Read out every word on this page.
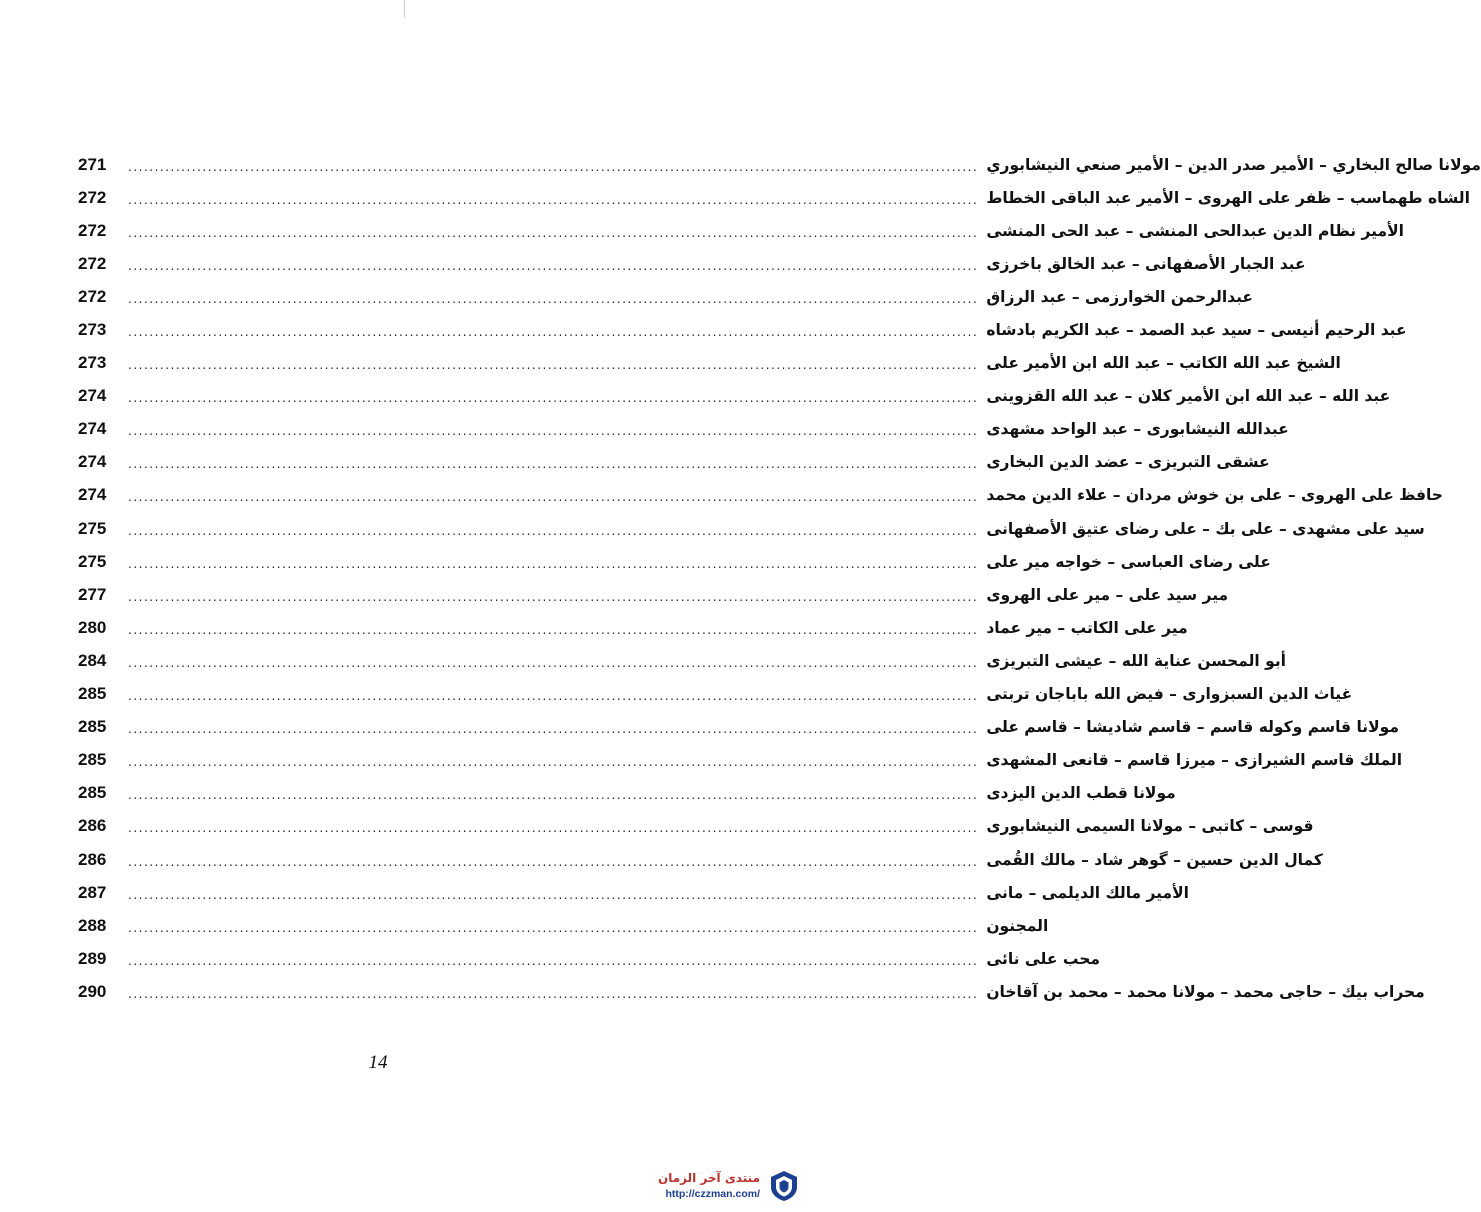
271	................................................................................................................................................................ مولانا صالح البخاري – الأمير صدر الدين – الأمير صنعي النيشابوري
272	................................................................................................................................................................ الشاه طهماسب – ظفر على الهروى – الأمير عبد الباقى الخطاط
272	................................................................................................................................................................ الأمير نظام الدين عبدالحى المنشى – عبد الحى المنشى
272	................................................................................................................................................................ عبد الجبار الأصفهانى – عبد الخالق باخرزى
272	................................................................................................................................................................ عبدالرحمن الخوارزمى – عبد الرزاق
273	................................................................................................................................................................ عبد الرحيم أنيسى – سيد عبد الصمد – عبد الكريم بادشاه
273	................................................................................................................................................................ الشيخ عبد الله الكاتب – عبد الله ابن الأمير على
274	................................................................................................................................................................ عبد الله – عبد الله ابن الأمير كلان – عبد الله القزوينى
274	................................................................................................................................................................ عبدالله النيشابورى – عبد الواحد مشهدى
274	................................................................................................................................................................ عشقى التبريزى – عضد الدين البخارى
274	................................................................................................................................................................ حافظ على الهروى – على بن خوش مردان – علاء الدين محمد
275	................................................................................................................................................................ سيد على مشهدى – على بك – على رضاى عتيق الأصفهانى
275	................................................................................................................................................................ على رضاى العباسى – خواجه مير على
277	................................................................................................................................................................ مير سيد على – مير على الهروى
280	................................................................................................................................................................ مير على الكاتب – مير عماد
284	................................................................................................................................................................ أبو المحسن عناية الله – عيشى التبريزى
285	................................................................................................................................................................ غياث الدين السبزوارى – فيض الله باباجان تربتى
285	................................................................................................................................................................ مولانا قاسم وكوله قاسم – قاسم شاديشا – قاسم على
285	................................................................................................................................................................ الملك قاسم الشيرازى – ميرزا قاسم – قانعى المشهدى
285	................................................................................................................................................................ مولانا قطب الدين اليزدى
286	................................................................................................................................................................ قوسى – كاتبى – مولانا السيمى النيشابورى
286	................................................................................................................................................................ كمال الدين حسين – گوهر شاد – مالك القُمى
287	................................................................................................................................................................ الأمير مالك الديلمى – مانى
288	................................................................................................................................................................ المجنون
289	................................................................................................................................................................ محب على نائى
290	................................................................................................................................................................ محراب بيك – حاجى محمد – مولانا محمد – محمد بن آقاخان
14
منتدى آخر الزمان
http://czzman.com/
